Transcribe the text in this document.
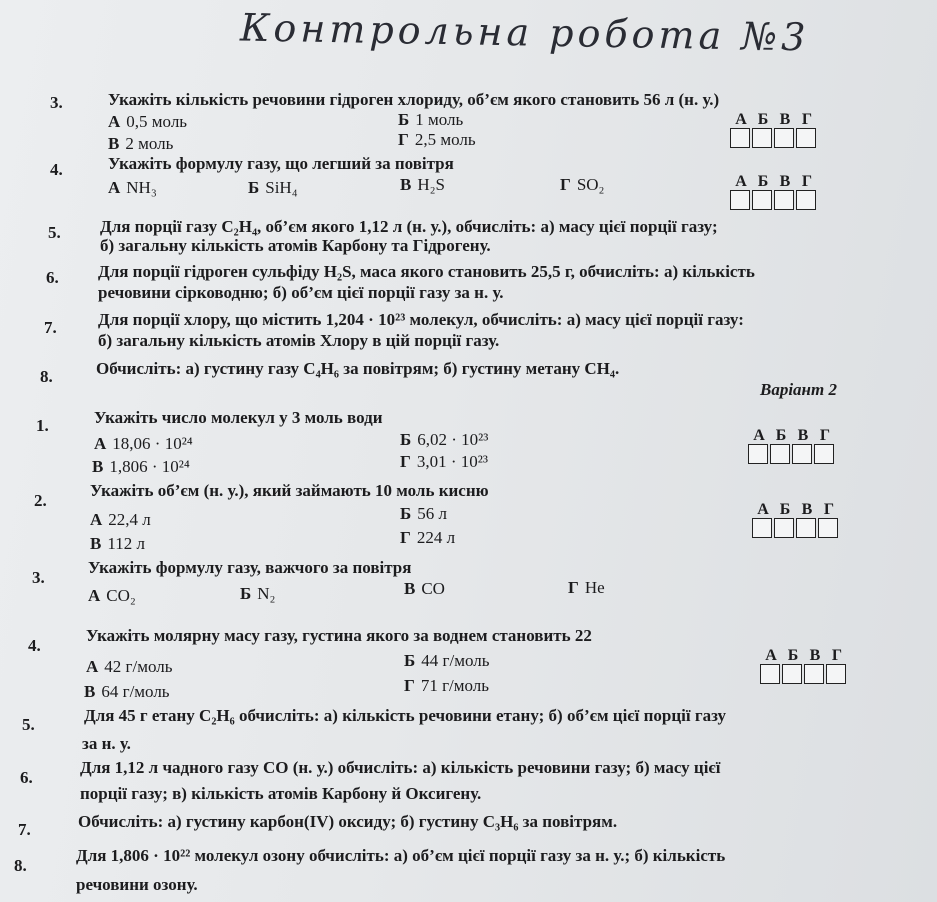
Контрольна робота №3
3.	Укажіть кількість речовини гідроген хлориду, об’єм якого становить 56 л (н. у.)
А 0,5 моль	Б 1 моль
В 2 моль	Г 2,5 моль
А Б В Г
4.	Укажіть формулу газу, що легший за повітря
А NH₃	Б SiH₄	В H₂S	Г SO₂	А Б В Г
5. Для порції газу C₂H₄, об’єм якого 1,12 л (н. у.), обчисліть: а) масу цієї порції газу;
б) загальну кількість атомів Карбону та Гідрогену.
6. Для порції гідроген сульфіду H₂S, маса якого становить 25,5 г, обчисліть: а) кількість
речовини сірководню; б) об’єм цієї порції газу за н. у.
7. Для порції хлору, що містить 1,204 · 10²³ молекул, обчисліть: а) масу цієї порції газу:
б) загальну кількість атомів Хлору в цій порції газу.
8.	Обчисліть: а) густину газу C₄H₆ за повітрям; б) густину метану CH₄.
Варіант 2
1.	Укажіть число молекул у 3 моль води
А 18,06 · 10²⁴	Б 6,02 · 10²³
В 1,806 · 10²⁴	Г 3,01 · 10²³
А Б В Г
2.
Укажіть об’єм (н. у.), який займають 10 моль кисню
А 22,4 л	Б 56 л
В 112 л	Г 224 л
А Б В Г
3.
Укажіть формулу газу, важчого за повітря
А CO₂	Б N₂	В CO	Г He
4.
Укажіть молярну масу газу, густина якого за воднем становить 22
А 42 г/моль	Б 44 г/моль
В 64 г/моль	Г 71 г/моль
А Б В Г
5.	Для 45 г етану C₂H₆ обчисліть: а) кількість речовини етану; б) об’єм цієї порції газу
за н. у.
6.
Для 1,12 л чадного газу CO (н. у.) обчисліть: а) кількість речовини газу; б) масу цієї
порції газу; в) кількість атомів Карбону й Оксигену.
7.	Обчисліть: а) густину карбон(IV) оксиду; б) густину C₃H₆ за повітрям.
8.
Для 1,806 · 10²² молекул озону обчисліть: а) об’єм цієї порції газу за н. у.; б) кількість
речовини озону.
